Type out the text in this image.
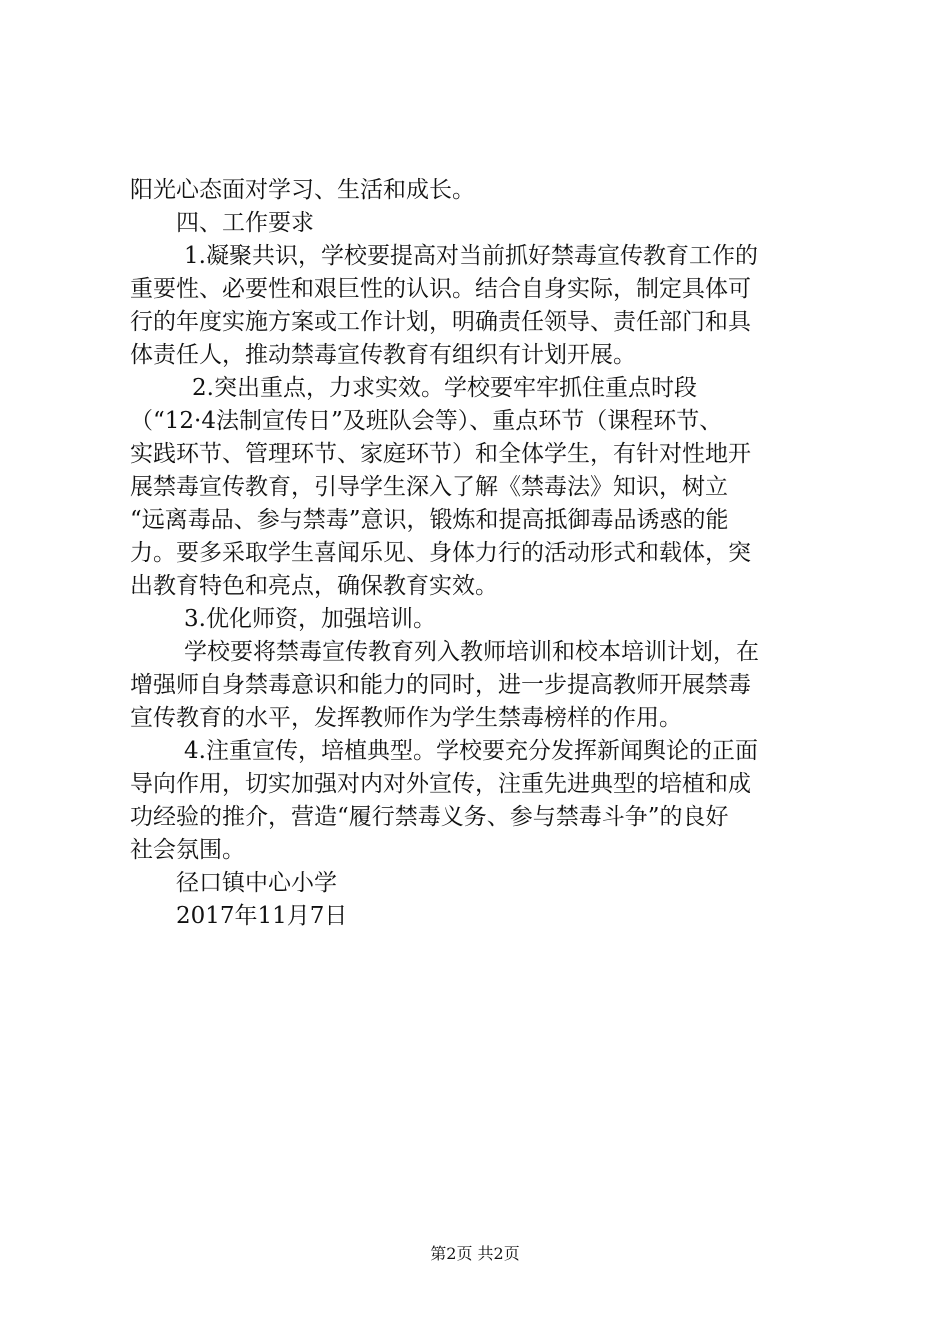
阳光心态面对学习、生活和成长。
四、工作要求
1.凝聚共识，学校要提高对当前抓好禁毒宣传教育工作的
重要性、必要性和艰巨性的认识。结合自身实际，制定具体可
行的年度实施方案或工作计划，明确责任领导、责任部门和具
体责任人，推动禁毒宣传教育有组织有计划开展。
2.突出重点，力求实效。学校要牢牢抓住重点时段
（“12·4法制宣传日”及班队会等）、重点环节（课程环节、
实践环节、管理环节、家庭环节）和全体学生，有针对性地开
展禁毒宣传教育，引导学生深入了解《禁毒法》知识，树立
“远离毒品、参与禁毒”意识，锻炼和提高抵御毒品诱惑的能
力。要多采取学生喜闻乐见、身体力行的活动形式和载体，突
出教育特色和亮点，确保教育实效。
3.优化师资，加强培训。
学校要将禁毒宣传教育列入教师培训和校本培训计划，在
增强师自身禁毒意识和能力的同时，进一步提高教师开展禁毒
宣传教育的水平，发挥教师作为学生禁毒榜样的作用。
4.注重宣传，培植典型。学校要充分发挥新闻舆论的正面
导向作用，切实加强对内对外宣传，注重先进典型的培植和成
功经验的推介，营造“履行禁毒义务、参与禁毒斗争”的良好
社会氛围。
径口镇中心小学
2017年11月7日
第2页 共2页
